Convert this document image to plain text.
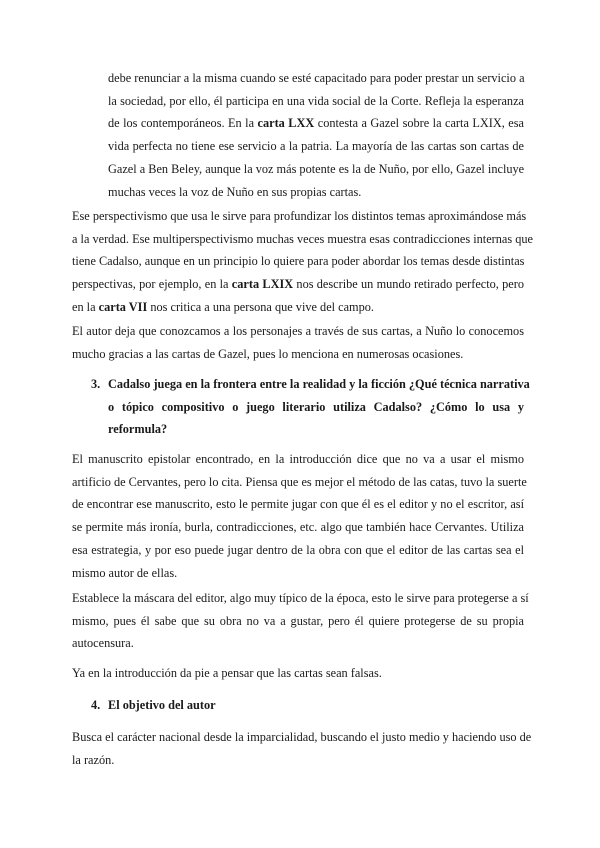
debe renunciar a la misma cuando se esté capacitado para poder prestar un servicio a
la sociedad, por ello, él participa en una vida social de la Corte. Refleja la esperanza
de los contemporáneos. En la carta LXX contesta a Gazel sobre la carta LXIX, esa
vida perfecta no tiene ese servicio a la patria. La mayoría de las cartas son cartas de
Gazel a Ben Beley, aunque la voz más potente es la de Nuño, por ello, Gazel incluye
muchas veces la voz de Nuño en sus propias cartas.
Ese perspectivismo que usa le sirve para profundizar los distintos temas aproximándose más
a la verdad. Ese multiperspectivismo muchas veces muestra esas contradicciones internas que
tiene Cadalso, aunque en un principio lo quiere para poder abordar los temas desde distintas
perspectivas, por ejemplo, en la carta LXIX nos describe un mundo retirado perfecto, pero
en la carta VII nos critica a una persona que vive del campo.
El autor deja que conozcamos a los personajes a través de sus cartas, a Nuño lo conocemos
mucho gracias a las cartas de Gazel, pues lo menciona en numerosas ocasiones.
3. Cadalso juega en la frontera entre la realidad y la ficción ¿Qué técnica narrativa
o tópico compositivo o juego literario utiliza Cadalso? ¿Cómo lo usa y
reformula?
El manuscrito epistolar encontrado, en la introducción dice que no va a usar el mismo
artificio de Cervantes, pero lo cita. Piensa que es mejor el método de las catas, tuvo la suerte
de encontrar ese manuscrito, esto le permite jugar con que él es el editor y no el escritor, así
se permite más ironía, burla, contradicciones, etc. algo que también hace Cervantes. Utiliza
esa estrategia, y por eso puede jugar dentro de la obra con que el editor de las cartas sea el
mismo autor de ellas.
Establece la máscara del editor, algo muy típico de la época, esto le sirve para protegerse a sí
mismo, pues él sabe que su obra no va a gustar, pero él quiere protegerse de su propia
autocensura.
Ya en la introducción da pie a pensar que las cartas sean falsas.
4. El objetivo del autor
Busca el carácter nacional desde la imparcialidad, buscando el justo medio y haciendo uso de
la razón.
